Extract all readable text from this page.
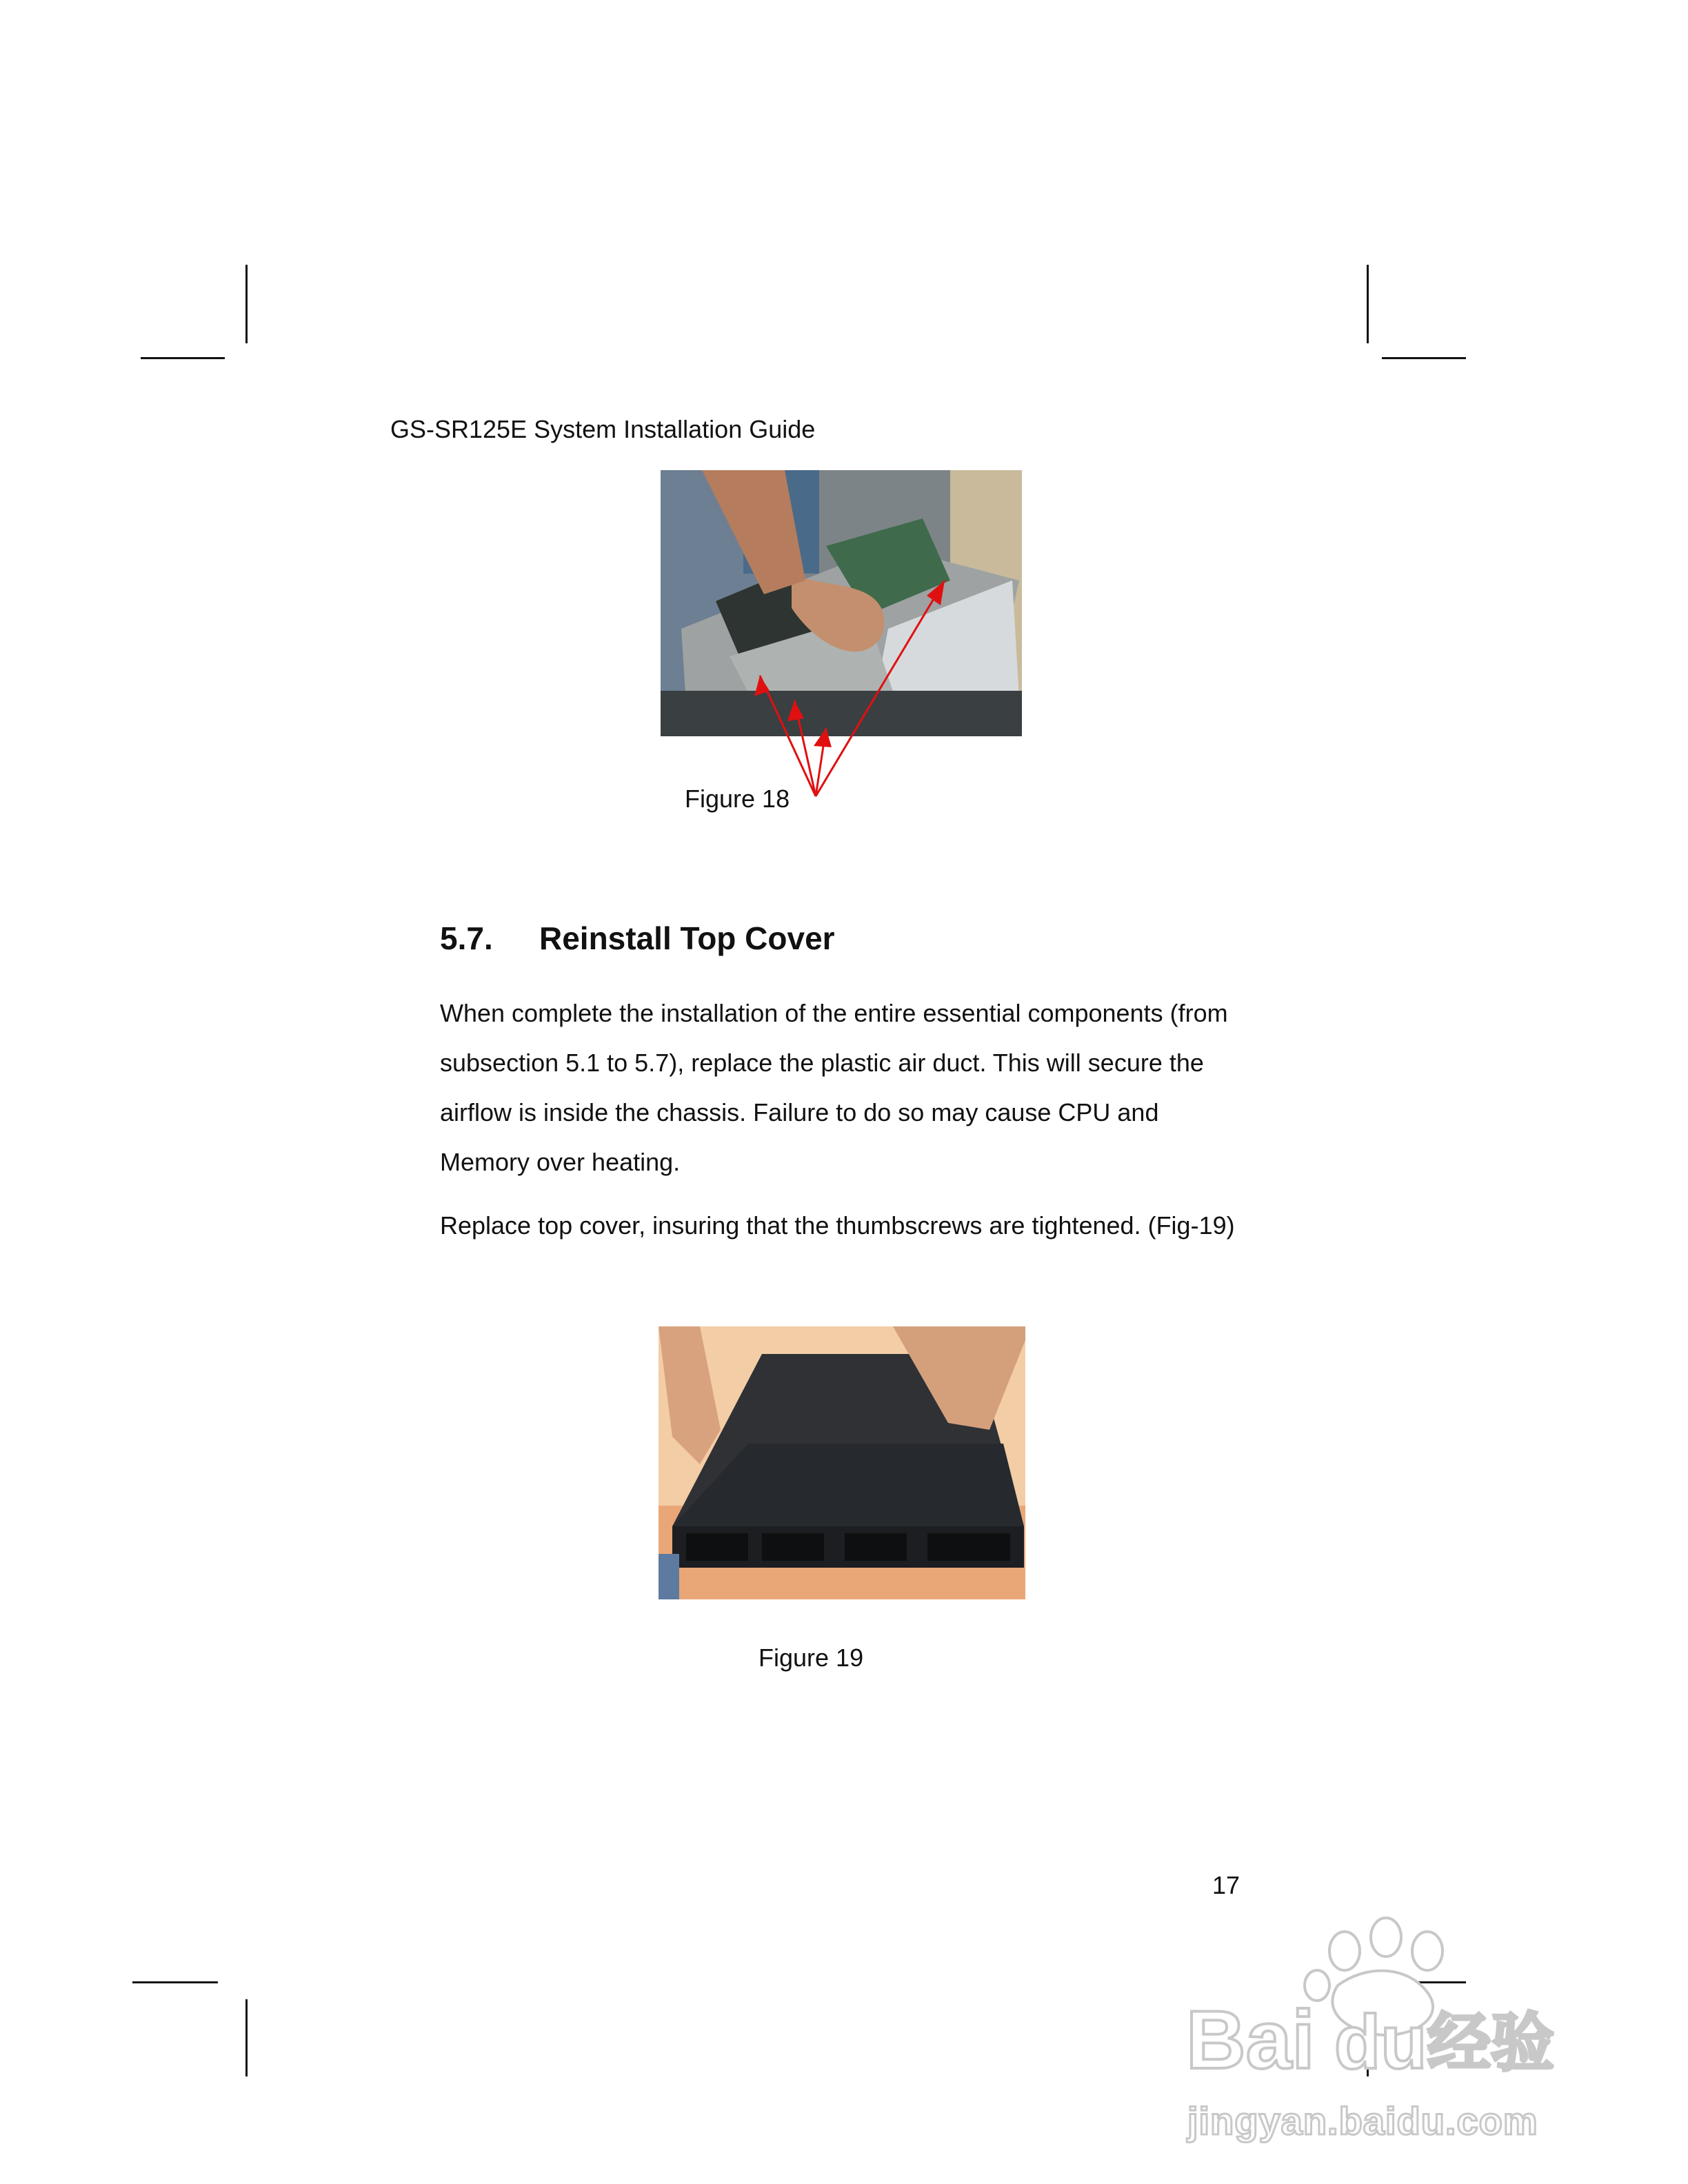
GS-SR125E System Installation Guide
Figure 18
5.7. Reinstall Top Cover

When complete the installation of the entire essential components (from subsection 5.1 to 5.7), replace the plastic air duct. This will secure the airflow is inside the chassis. Failure to do so may cause CPU and Memory over heating.

Replace top cover, insuring that the thumbscrews are tightened. (Fig-19)

Figure 19
17
Bai du 经验
jingyan.baidu.com
